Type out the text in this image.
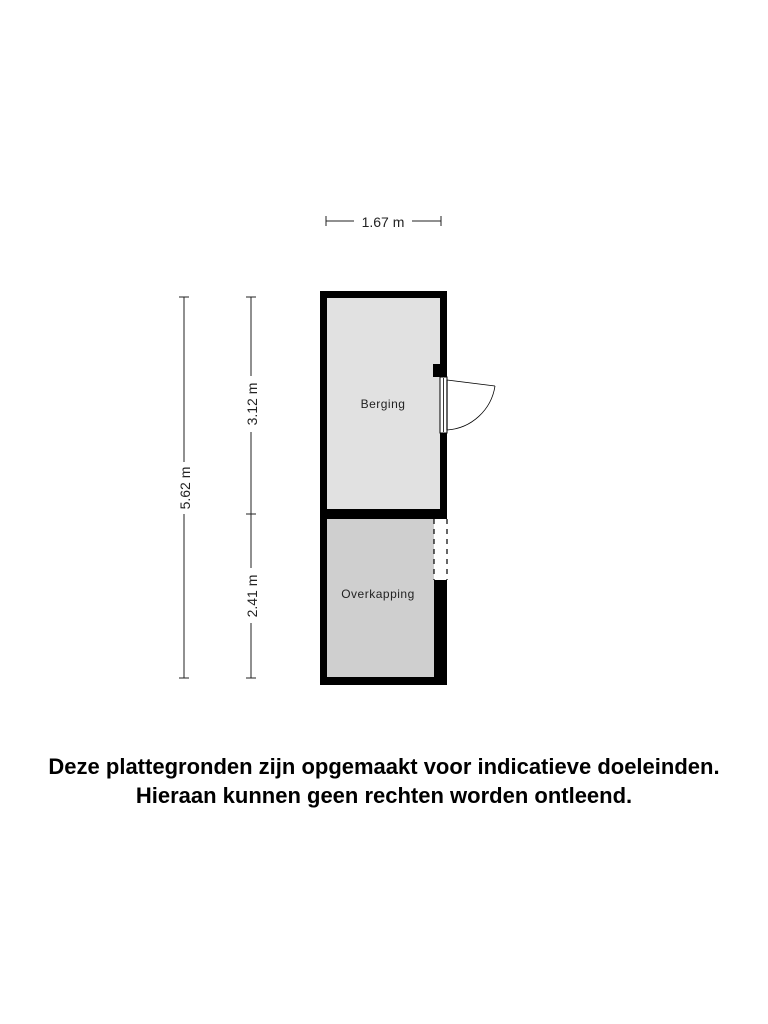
1.67 m
5.62 m
3.12 m
2.41 m
Berging
Overkapping
Deze plattegronden zijn opgemaakt voor indicatieve doeleinden.
Hieraan kunnen geen rechten worden ontleend.
